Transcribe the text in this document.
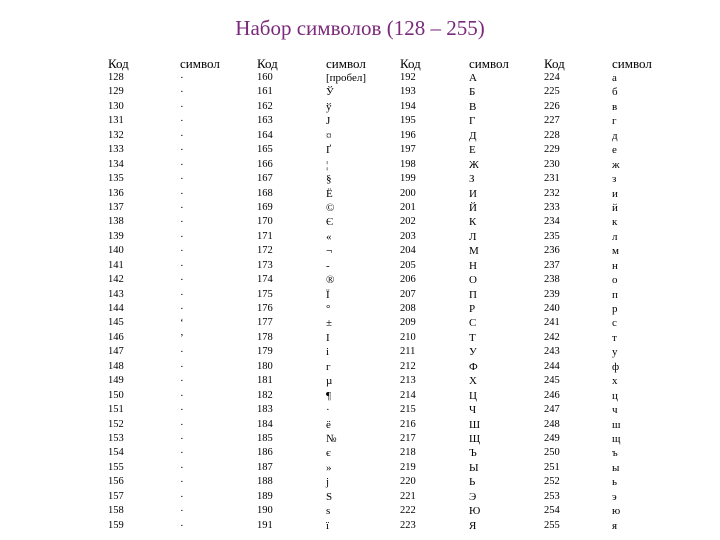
Набор символов (128 – 255)
Код
128
129
130
131
132
133
134
135
136
137
138
139
140
141
142
143
144
145
146
147
148
149
150
151
152
153
154
155
156
157
158
159
символ
·
·
·
·
·
·
·
·
·
·
·
·
·
·
·
·
·
‘
’
·
·
·
·
·
·
·
·
·
·
·
·
·
Код
160
161
162
163
164
165
166
167
168
169
170
171
172
173
174
175
176
177
178
179
180
181
182
183
184
185
186
187
188
189
190
191
символ
[пробел]
Ў
ў
J
¤
Ґ
¦
§
Ё
©
Є
«
¬
-
®
Ї
°
±
I
i
г
µ
¶
·
ё
№
є
»
j
S
s
ї
Код
192
193
194
195
196
197
198
199
200
201
202
203
204
205
206
207
208
209
210
211
212
213
214
215
216
217
218
219
220
221
222
223
символ
А
Б
В
Г
Д
Е
Ж
З
И
Й
К
Л
М
Н
О
П
Р
С
Т
У
Ф
Х
Ц
Ч
Ш
Щ
Ъ
Ы
Ь
Э
Ю
Я
Код
224
225
226
227
228
229
230
231
232
233
234
235
236
237
238
239
240
241
242
243
244
245
246
247
248
249
250
251
252
253
254
255
символ
а
б
в
г
д
е
ж
з
и
й
к
л
м
н
о
п
р
с
т
у
ф
х
ц
ч
ш
щ
ъ
ы
ь
э
ю
я
